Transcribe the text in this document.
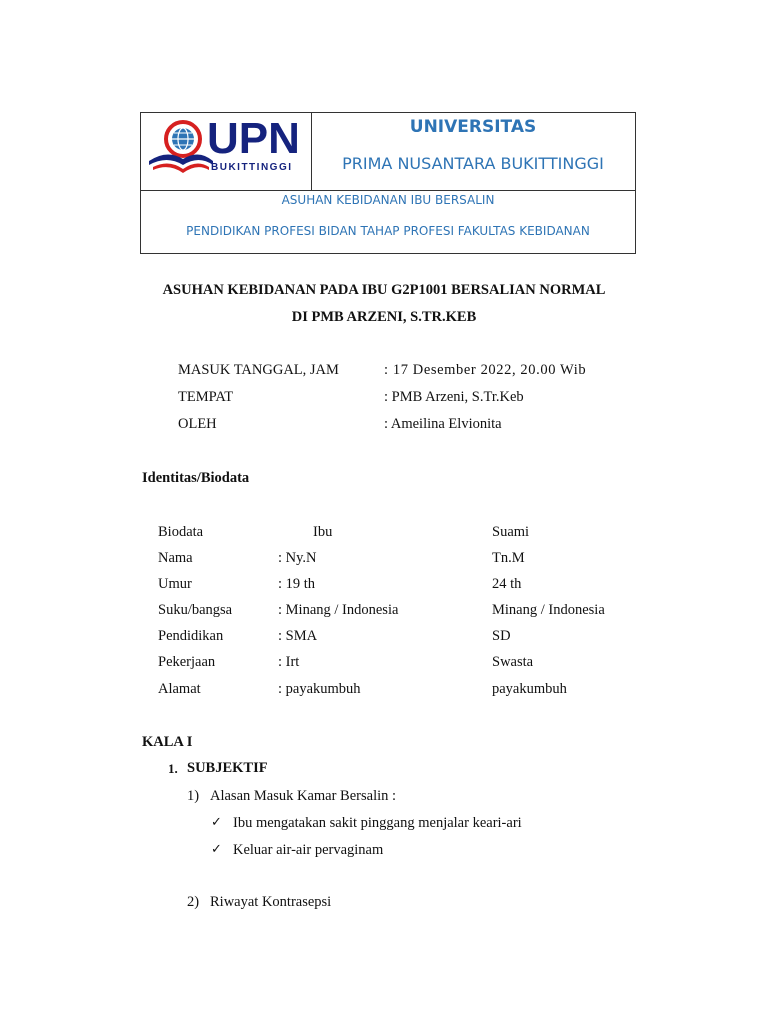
UPN
BUKITTINGGI
UNIVERSITAS
PRIMA NUSANTARA BUKITTINGGI
ASUHAN KEBIDANAN IBU BERSALIN
PENDIDIKAN PROFESI BIDAN TAHAP PROFESI FAKULTAS KEBIDANAN
ASUHAN KEBIDANAN PADA IBU G2P1001 BERSALIAN NORMAL
DI PMB ARZENI, S.TR.KEB
MASUK TANGGAL, JAM	: 17 Desember 2022, 20.00 Wib
TEMPAT	: PMB Arzeni, S.Tr.Keb
OLEH	: Ameilina Elvionita
Identitas/Biodata
Biodata	Ibu	Suami
Nama	: Ny.N	Tn.M
Umur	: 19 th	24 th
Suku/bangsa	: Minang / Indonesia	Minang / Indonesia
Pendidikan	: SMA	SD
Pekerjaan	: Irt	Swasta
Alamat	: payakumbuh	payakumbuh
KALA I
1. SUBJEKTIF
1) Alasan Masuk Kamar Bersalin :
✓ Ibu mengatakan sakit pinggang menjalar keari-ari
✓ Keluar air-air pervaginam
2) Riwayat Kontrasepsi
